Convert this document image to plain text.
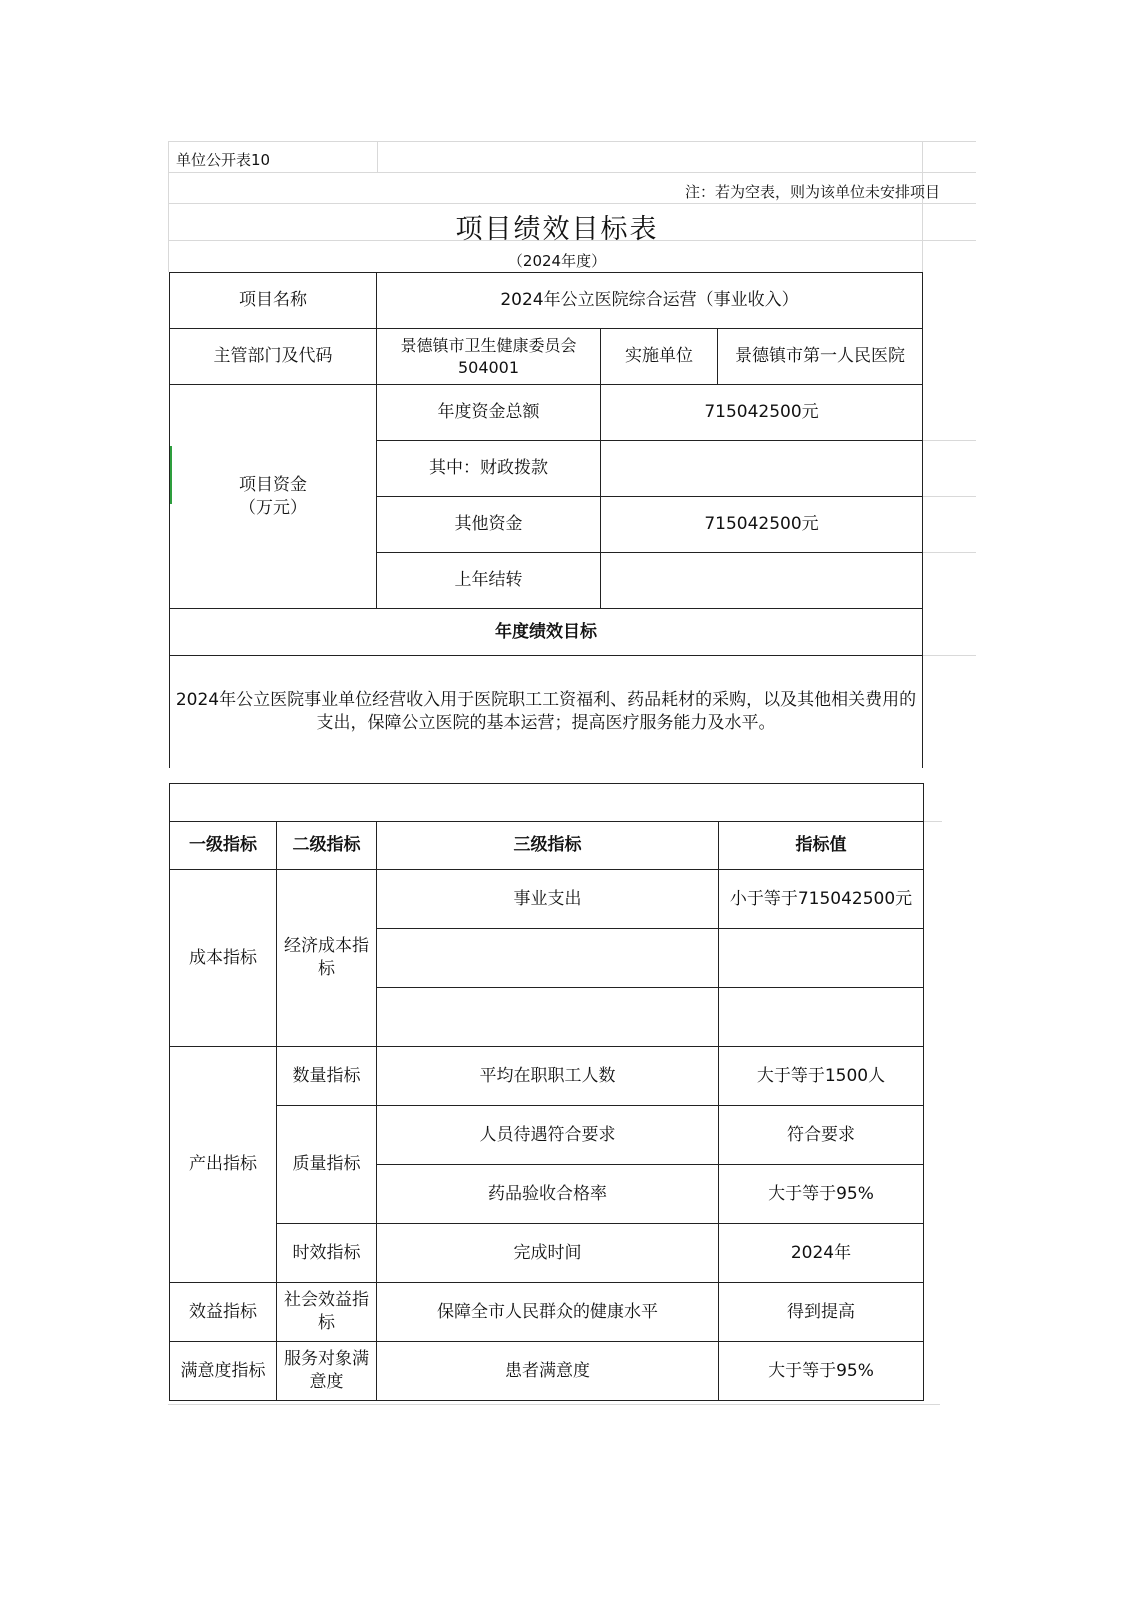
单位公开表10
注：若为空表，则为该单位未安排项目
项目绩效目标表
（2024年度）
项目名称	2024年公立医院综合运营（事业收入）		
主管部门及代码	景德镇市卫生健康委员会504001	实施单位	景德镇市第一人民医院
项目资金（万元）	年度资金总额	715042500元	
	其中：财政拨款		
	其他资金	715042500元	
	上年结转		
年度绩效目标			
2024年公立医院事业单位经营收入用于医院职工工资福利、药品耗材的采购，以及其他相关费用的支出，保障公立医院的基本运营；提高医疗服务能力及水平。			

一级指标	二级指标	三级指标	指标值
成本指标	经济成本指标	事业支出	小于等于715042500元

产出指标	数量指标	平均在职职工人数	大于等于1500人
	质量指标	人员待遇符合要求	符合要求
		药品验收合格率	大于等于95%
	时效指标	完成时间	2024年
效益指标	社会效益指标	保障全市人民群众的健康水平	得到提高
满意度指标	服务对象满意度	患者满意度	大于等于95%
